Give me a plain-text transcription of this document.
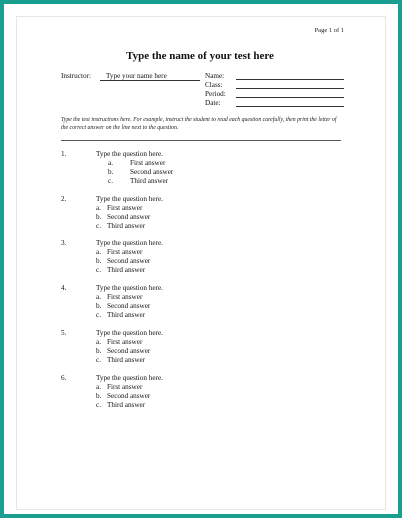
Page 1 of 1
Type the name of your test here
Instructor: Type your name here	Name:
Class:
Period:
Date:
Type the test instructions here. For example, instruct the student to read each question carefully, then print the letter of the correct answer on the line next to the question.
1.	Type the question here.
a. First answer
b. Second answer
c. Third answer
2.	Type the question here.
a. First answer
b. Second answer
c. Third answer
3.	Type the question here.
a. First answer
b. Second answer
c. Third answer
4.	Type the question here.
a. First answer
b. Second answer
c. Third answer
5.	Type the question here.
a. First answer
b. Second answer
c. Third answer
6.	Type the question here.
a. First answer
b. Second answer
c. Third answer
